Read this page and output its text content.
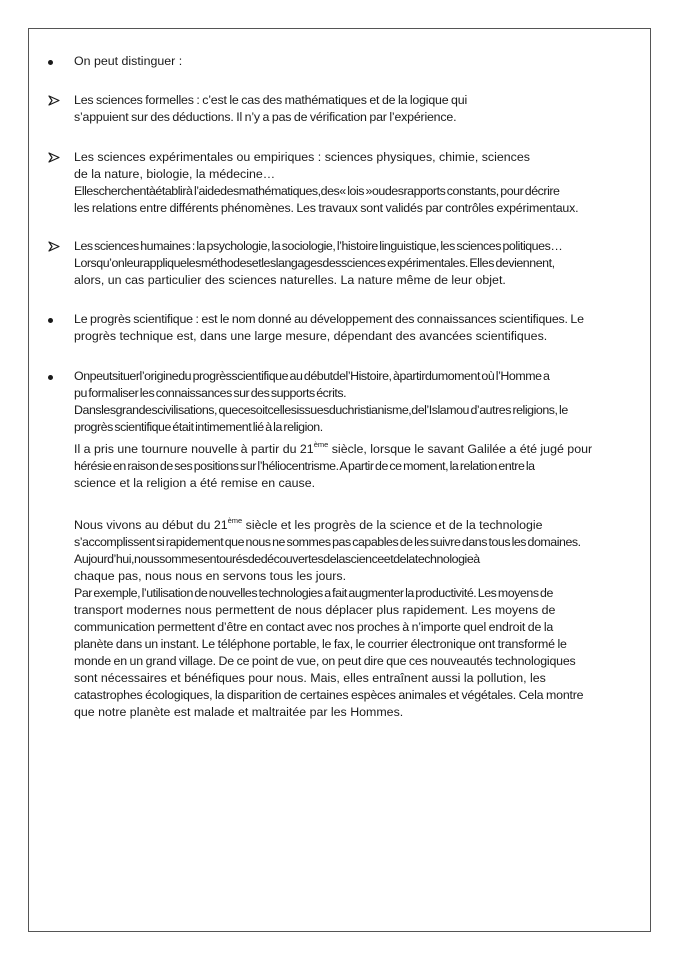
On peut distinguer :
Les sciences formelles : c’est le cas des mathématiques et de la logique qui
s’appuient sur des déductions. Il n’y a pas de vérification par l’expérience.
Les sciences expérimentales ou empiriques : sciences physiques, chimie, sciences
de la nature, biologie, la médecine…
Ellescherchentàétablirà l’aidedesmathématiques,des« lois »oudesrapports constants, pour décrire
les relations entre différents phénomènes. Les travaux sont validés par contrôles expérimentaux.
Les sciences humaines : la psychologie, la sociologie, l’histoire linguistique, les sciences politiques…
Lorsqu’onleurappliquelesméthodesetleslangagesdessciences expérimentales. Elles deviennent,
alors, un cas particulier des sciences naturelles. La nature même de leur objet.
Le progrès scientifique : est le nom donné au développement des connaissances scientifiques. Le
progrès technique est, dans une large mesure, dépendant des avancées scientifiques.
Onpeutsituerl’originedu progrèsscientifique au débutdel’Histoire, àpartirdumoment où l’Homme a
pu formaliser les connaissances sur des supports écrits.
Danslesgrandescivilisations, quecesoitcellesissuesduchristianisme,del’Islamou d’autres religions, le
progrès scientifique était intimement lié à la religion.
Il a pris une tournure nouvelle à partir du 21ème siècle, lorsque le savant Galilée a été jugé pour
hérésie en raison de ses positions sur l’héliocentrisme. A partir de ce moment, la relation entre la
science et la religion a été remise en cause.
Nous vivons au début du 21ème siècle et les progrès de la science et de la technologie
s’accomplissent si rapidement que nous ne sommes pas capables de les suivre dans tous les domaines.
Aujourd’hui,noussommesentourésdedécouvertesdelascienceetdelatechnologieà
chaque pas, nous nous en servons tous les jours.
Par exemple, l’utilisation de nouvelles technologies a fait augmenter la productivité. Les moyens de
transport modernes nous permettent de nous déplacer plus rapidement. Les moyens de
communication permettent d’être en contact avec nos proches à n’importe quel endroit de la
planète dans un instant. Le téléphone portable, le fax, le courrier électronique ont transformé le
monde en un grand village. De ce point de vue, on peut dire que ces nouveautés technologiques
sont nécessaires et bénéfiques pour nous. Mais, elles entraînent aussi la pollution, les
catastrophes écologiques, la disparition de certaines espèces animales et végétales. Cela montre
que notre planète est malade et maltraitée par les Hommes.
